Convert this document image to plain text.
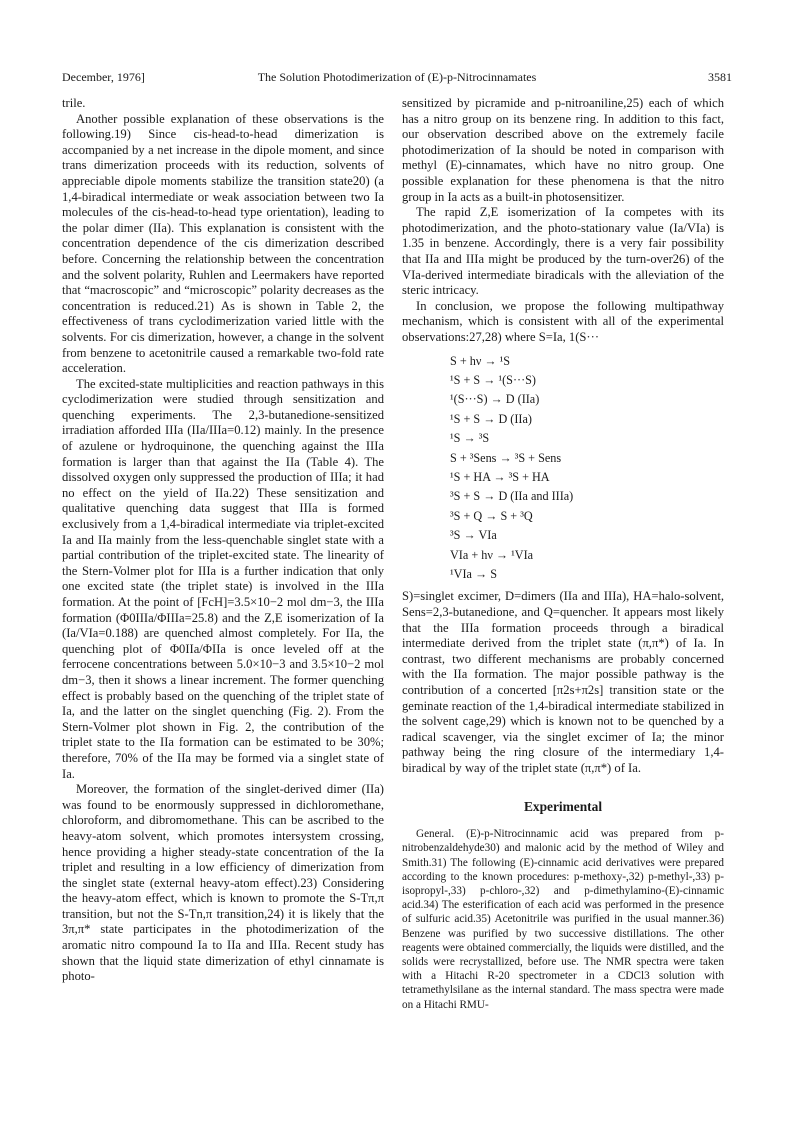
December, 1976]	The Solution Photodimerization of (E)-p-Nitrocinnamates	3581

trile.

Another possible explanation of these observations is the following.19) Since cis-head-to-head dimerization is accompanied by a net increase in the dipole moment, and since trans dimerization proceeds with its reduction, solvents of appreciable dipole moments stabilize the transition state20) (a 1,4-biradical intermediate or weak association between two Ia molecules of the cis-head-to-head type orientation), leading to the polar dimer (IIa). This explanation is consistent with the concentration dependence of the cis dimerization described before. Concerning the relationship between the concentration and the solvent polarity, Ruhlen and Leermakers have reported that “macroscopic” and “microscopic” polarity decreases as the concentration is reduced.21) As is shown in Table 2, the effectiveness of trans cyclodimerization varied little with the solvents. For cis dimerization, however, a change in the solvent from benzene to acetonitrile caused a remarkable two-fold rate acceleration.

The excited-state multiplicities and reaction pathways in this cyclodimerization were studied through sensitization and quenching experiments. The 2,3-butanedione-sensitized irradiation afforded IIIa (IIa/IIIa=0.12) mainly. In the presence of azulene or hydroquinone, the quenching against the IIIa formation is larger than that against the IIa (Table 4). The dissolved oxygen only suppressed the production of IIIa; it had no effect on the yield of IIa.22) These sensitization and qualitative quenching data suggest that IIIa is formed exclusively from a 1,4-biradical intermediate via triplet-excited Ia and IIa mainly from the less-quenchable singlet state with a partial contribution of the triplet-excited state. The linearity of the Stern-Volmer plot for IIIa is a further indication that only one excited state (the triplet state) is involved in the IIIa formation. At the point of [FcH]=3.5×10−2 mol dm−3, the IIIa formation (Φ0IIIa/ΦIIIa=25.8) and the Z,E isomerization of Ia (Ia/VIa=0.188) are quenched almost completely. For IIa, the quenching plot of Φ0IIa/ΦIIa is once leveled off at the ferrocene concentrations between 5.0×10−3 and 3.5×10−2 mol dm−3, then it shows a linear increment. The former quenching effect is probably based on the quenching of the triplet state of Ia, and the latter on the singlet quenching (Fig. 2). From the Stern-Volmer plot shown in Fig. 2, the contribution of the triplet state to the IIa formation can be estimated to be 30%; therefore, 70% of the IIa may be formed via a singlet state of Ia.

Moreover, the formation of the singlet-derived dimer (IIa) was found to be enormously suppressed in dichloromethane, chloroform, and dibromomethane. This can be ascribed to the heavy-atom solvent, which promotes intersystem crossing, hence providing a higher steady-state concentration of the Ia triplet and resulting in a low efficiency of dimerization from the singlet state (external heavy-atom effect).23) Considering the heavy-atom effect, which is known to promote the S-Tπ,π transition, but not the S-Tn,π transition,24) it is likely that the 3π,π* state participates in the photodimerization of the aromatic nitro compound Ia to IIa and IIIa. Recent study has shown that the liquid state dimerization of ethyl cinnamate is photo-

sensitized by picramide and p-nitroaniline,25) each of which has a nitro group on its benzene ring. In addition to this fact, our observation described above on the extremely facile photodimerization of Ia should be noted in comparison with methyl (E)-cinnamates, which have no nitro group. One possible explanation for these phenomena is that the nitro group in Ia acts as a built-in photosensitizer.

The rapid Z,E isomerization of Ia competes with its photodimerization, and the photo-stationary value (Ia/VIa) is 1.35 in benzene. Accordingly, there is a very fair possibility that IIa and IIIa might be produced by the turn-over26) of the VIa-derived intermediate biradicals with the alleviation of the steric intricacy.

In conclusion, we propose the following multipathway mechanism, which is consistent with all of the experimental observations:27,28) where S=Ia, 1(S···

S + hν → ¹S
¹S + S → ¹(S···S)
¹(S···S) → D (IIa)
¹S + S → D (IIa)
¹S → ³S
S + ³Sens → ³S + Sens
¹S + HA → ³S + HA
³S + S → D (IIa and IIIa)
³S + Q → S + ³Q
³S → VIa
VIa + hν → ¹VIa
¹VIa → S

S)=singlet excimer, D=dimers (IIa and IIIa), HA=halo-solvent, Sens=2,3-butanedione, and Q=quencher. It appears most likely that the IIIa formation proceeds through a biradical intermediate derived from the triplet state (π,π*) of Ia. In contrast, two different mechanisms are probably concerned with the IIa formation. The major possible pathway is the contribution of a concerted [π2s+π2s] transition state or the geminate reaction of the 1,4-biradical intermediate stabilized in the solvent cage,29) which is known not to be quenched by a radical scavenger, via the singlet excimer of Ia; the minor pathway being the ring closure of the intermediary 1,4-biradical by way of the triplet state (π,π*) of Ia.

Experimental

General. (E)-p-Nitrocinnamic acid was prepared from p-nitrobenzaldehyde30) and malonic acid by the method of Wiley and Smith.31) The following (E)-cinnamic acid derivatives were prepared according to the known procedures: p-methoxy-,32) p-methyl-,33) p-isopropyl-,33) p-chloro-,32) and p-dimethylamino-(E)-cinnamic acid.34) The esterification of each acid was performed in the presence of sulfuric acid.35) Acetonitrile was purified in the usual manner.36) Benzene was purified by two successive distillations. The other reagents were obtained commercially, the liquids were distilled, and the solids were recrystallized, before use. The NMR spectra were taken with a Hitachi R-20 spectrometer in a CDCl3 solution with tetramethylsilane as the internal standard. The mass spectra were made on a Hitachi RMU-
